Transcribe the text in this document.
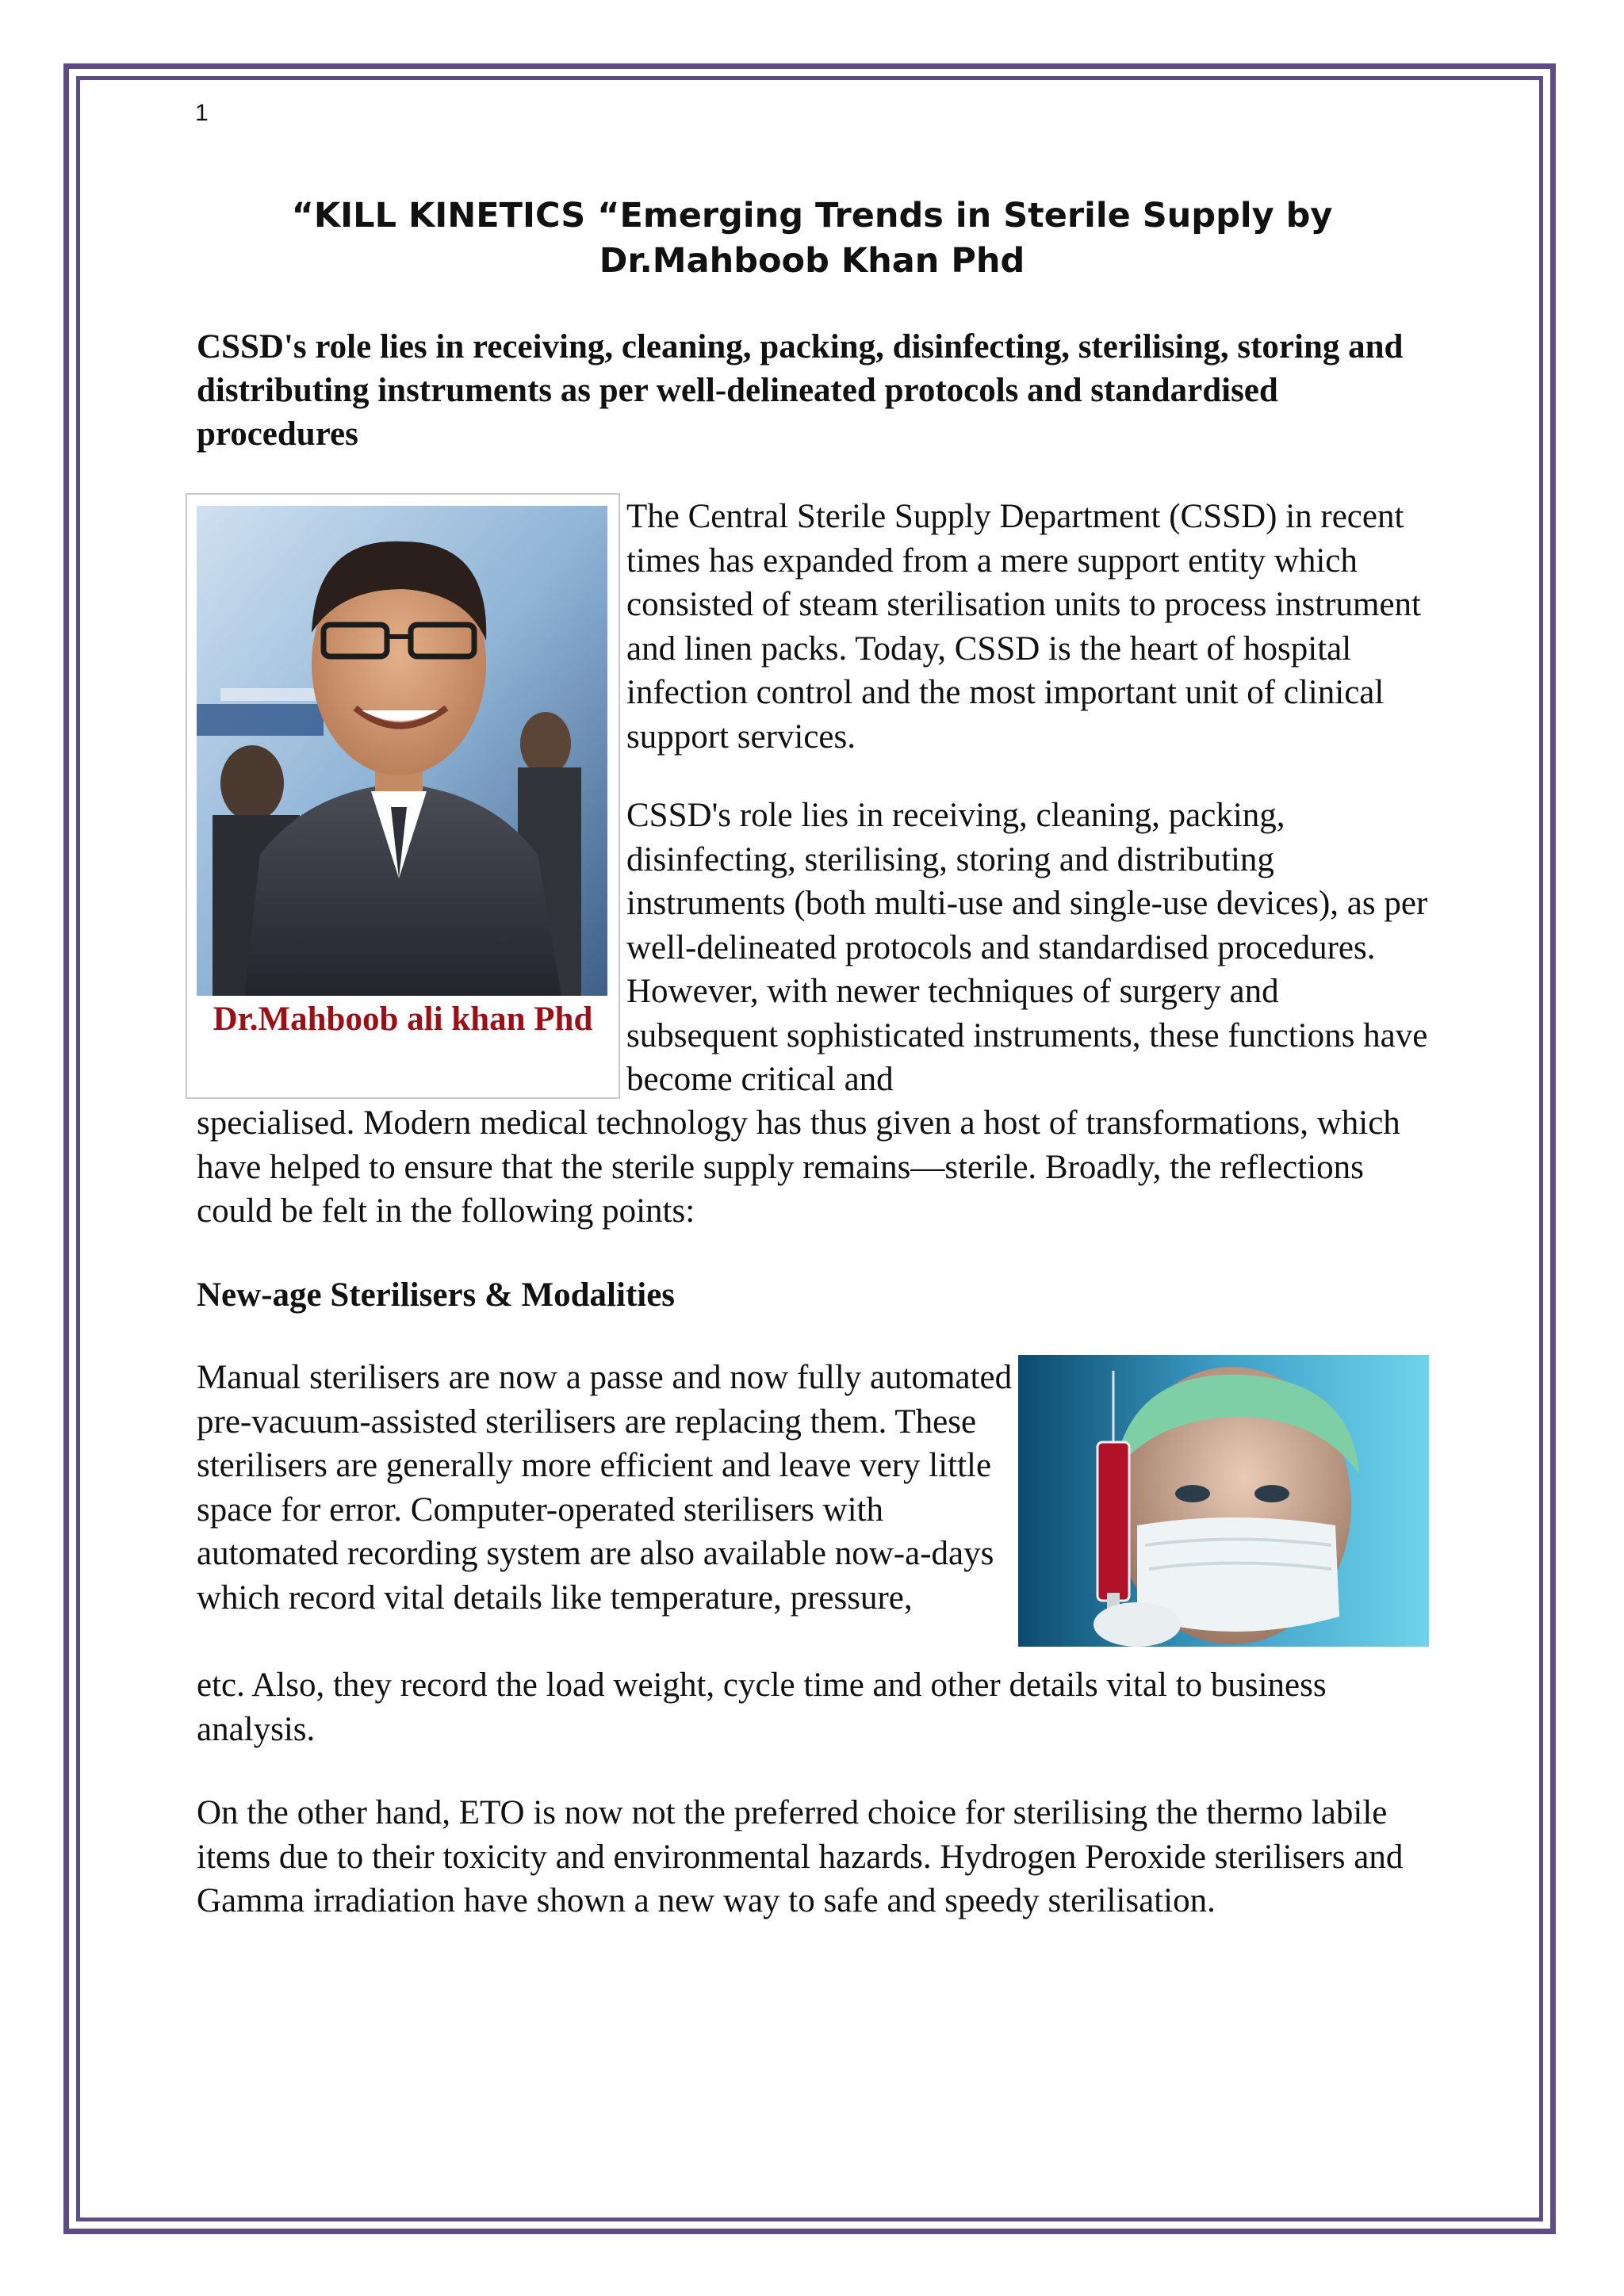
1
“KILL KINETICS “Emerging Trends in Sterile Supply by Dr.Mahboob Khan Phd

CSSD's role lies in receiving, cleaning, packing, disinfecting, sterilising, storing and distributing instruments as per well-delineated protocols and standardised procedures

Dr.Mahboob ali khan Phd

The Central Sterile Supply Department (CSSD) in recent times has expanded from a mere support entity which consisted of steam sterilisation units to process instrument and linen packs. Today, CSSD is the heart of hospital infection control and the most important unit of clinical support services.

CSSD's role lies in receiving, cleaning, packing, disinfecting, sterilising, storing and distributing instruments (both multi-use and single-use devices), as per well-delineated protocols and standardised procedures. However, with newer techniques of surgery and subsequent sophisticated instruments, these functions have become critical and

specialised. Modern medical technology has thus given a host of transformations, which have helped to ensure that the sterile supply remains—sterile. Broadly, the reflections could be felt in the following points:

New-age Sterilisers & Modalities

Manual sterilisers are now a passe and now fully automated pre-vacuum-assisted sterilisers are replacing them. These sterilisers are generally more efficient and leave very little space for error. Computer-operated sterilisers with automated recording system are also available now-a-days which record vital details like temperature, pressure,

etc. Also, they record the load weight, cycle time and other details vital to business analysis.

On the other hand, ETO is now not the preferred choice for sterilising the thermo labile items due to their toxicity and environmental hazards. Hydrogen Peroxide sterilisers and Gamma irradiation have shown a new way to safe and speedy sterilisation.
